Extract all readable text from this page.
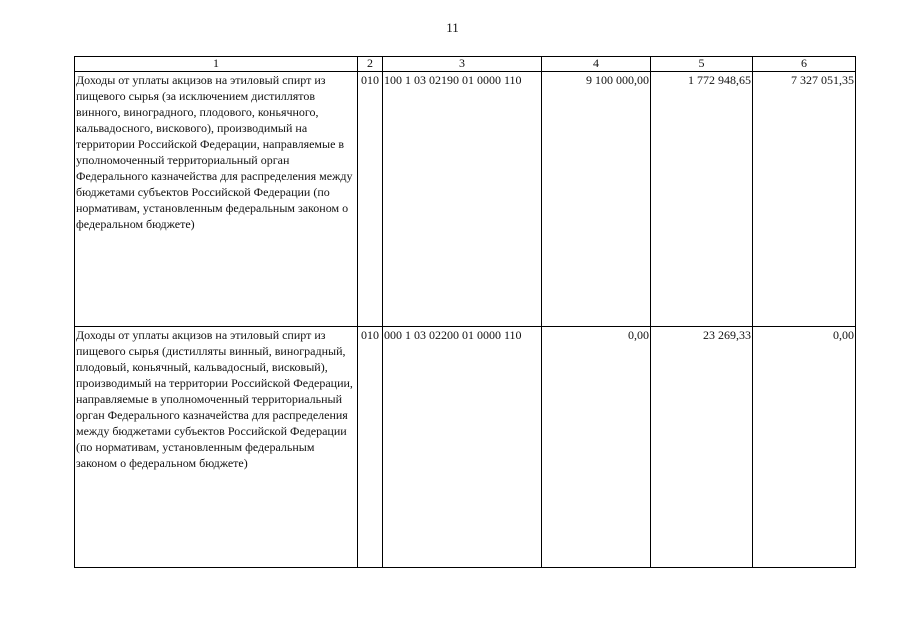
11
1	2	3	4	5	6
Доходы от уплаты акцизов на этиловый спирт из пищевого сырья (за исключением дистиллятов винного, виноградного, плодового, коньячного, кальвадосного, вискового), производимый на территории Российской Федерации, направляемые в уполномоченный территориальный орган Федерального казначейства для распределения между бюджетами субъектов Российской Федерации (по нормативам, установленным федеральным законом о федеральном бюджете)	010	100 1 03 02190 01 0000 110	9 100 000,00	1 772 948,65	7 327 051,35
Доходы от уплаты акцизов на этиловый спирт из пищевого сырья (дистилляты винный, виноградный, плодовый, коньячный, кальвадосный, висковый), производимый на территории Российской Федерации, направляемые в уполномоченный территориальный орган Федерального казначейства для распределения между бюджетами субъектов Российской Федерации (по нормативам, установленным федеральным законом о федеральном бюджете)	010	000 1 03 02200 01 0000 110	0,00	23 269,33	0,00
